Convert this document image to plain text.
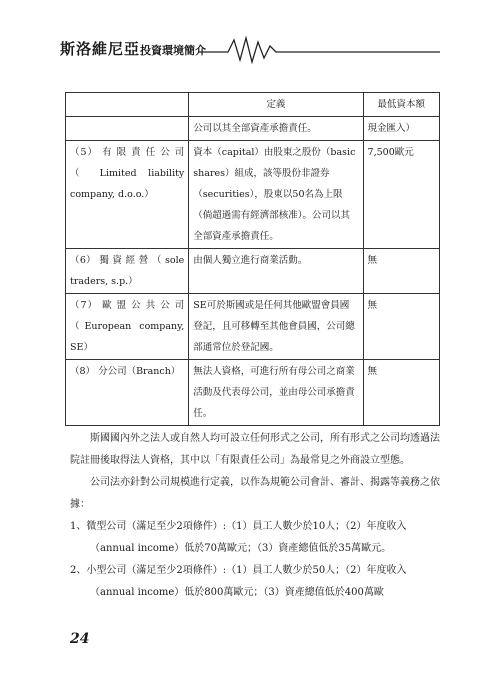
斯洛維尼亞投資環境簡介
	定義	最低資本額
	公司以其全部資產承擔責任。	現金匯入）
（5） 有 限 責 任 公 司
（ Limited liability

company, d.o.o.）	資本（capital）由股東之股份（basic shares）組成，該等股份非證券（securities），股東以50名為上限（倘超過需有經濟部核准）。公司以其全部資產承擔責任。	7,500歐元
（6） 獨 資 經 營 （ sole

traders, s.p.）	由個人獨立進行商業活動。	無
（7） 歐 盟 公 共 公 司
（European company,

SE）	SE可於斯國或是任何其他歐盟會員國登記，且可移轉至其他會員國，公司總部通常位於登記國。	無

（8） 分公司（Branch）	無法人資格，可進行所有母公司之商業活動及代表母公司，並由母公司承擔責任。	無

斯國國內外之法人或自然人均可設立任何形式之公司，所有形式之公司均透過法院註冊後取得法人資格，其中以「有限責任公司」為最常見之外商設立型態。

公司法亦針對公司規模進行定義，以作為規範公司會計、審計、揭露等義務之依據：

1、微型公司（滿足至少2項條件）:（1）員工人數少於10人；（2）年度收入（annual income）低於70萬歐元；（3）資產總值低於35萬歐元。

2、小型公司（滿足至少2項條件）:（1）員工人數少於50人；（2）年度收入（annual income）低於800萬歐元；（3）資產總值低於400萬歐

24
